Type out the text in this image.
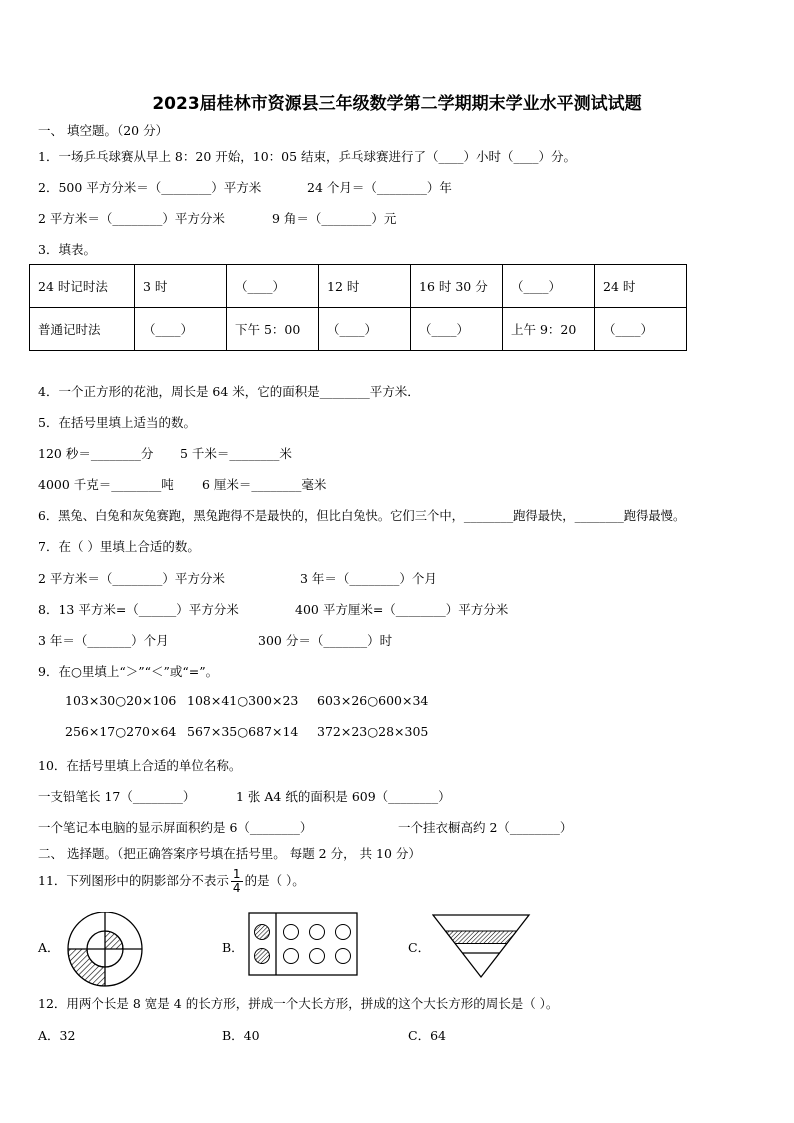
2023届桂林市资源县三年级数学第二学期期末学业水平测试试题
一、 填空题。（20 分）
1．一场乒乓球赛从早上 8：20 开始，10：05 结束，乒乓球赛进行了（____）小时（____）分。
2．500 平方分米＝（________）平方米	24 个月＝（________）年
2 平方米＝（________）平方分米	9 角＝（________）元
3．填表。
24 时记时法	3 时	（____）	12 时	16 时 30 分	（____）	24 时
普通记时法	（____）	下午 5：00	（____）	（____）	上午 9：20	（____）
4．一个正方形的花池，周长是 64 米，它的面积是________平方米．
5．在括号里填上适当的数。
120 秒＝________分 5 千米＝________米
4000 千克＝________吨 6 厘米＝________毫米
6．黑兔、白兔和灰兔赛跑，黑兔跑得不是最快的，但比白兔快。它们三个中，________跑得最快，________跑得最慢。
7．在（ ）里填上合适的数。
2 平方米＝（________）平方分米	3 年＝（________）个月
8．13 平方米=（______）平方分米	400 平方厘米=（________）平方分米
3 年＝（_______）个月	300 分＝（_______）时
9．在○里填上“＞”“＜”或“=”。
103×30○20×106 108×41○300×23 603×26○600×34
256×17○270×64 567×35○687×14 372×23○28×305
10．在括号里填上合适的单位名称。
一支铅笔长 17（________）	1 张 A4 纸的面积是 609（________）
一个笔记本电脑的显示屏面积约是 6（________）	一个挂衣橱高约 2（________）
二、 选择题。（把正确答案序号填在括号里。 每题 2 分， 共 10 分）
11．下列图形中的阴影部分不表示 $\frac{1}{4}$ 的是（ ）。
A．	B．	C．
12．用两个长是 8 宽是 4 的长方形，拼成一个大长方形，拼成的这个大长方形的周长是（ ）。
A．32	B．40	C．64
